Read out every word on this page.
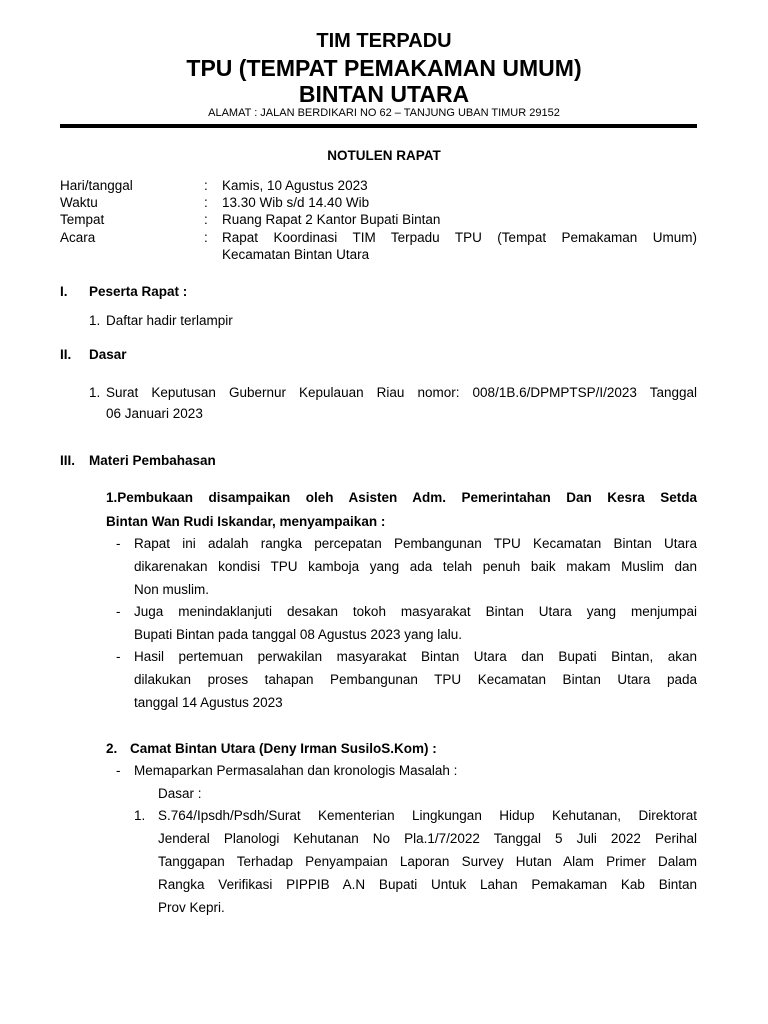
TIM TERPADU
TPU (TEMPAT PEMAKAMAN UMUM)
BINTAN UTARA
ALAMAT : JALAN BERDIKARI NO 62 – TANJUNG UBAN TIMUR 29152
NOTULEN RAPAT
Hari/tanggal	: Kamis, 10 Agustus 2023
Waktu	: 13.30 Wib s/d 14.40 Wib
Tempat	: Ruang Rapat 2 Kantor Bupati Bintan
Acara	: Rapat Koordinasi TIM Terpadu TPU (Tempat Pemakaman Umum)
Kecamatan Bintan Utara
I. Peserta Rapat :
1. Daftar hadir terlampir
II. Dasar
1. Surat Keputusan Gubernur Kepulauan Riau nomor: 008/1B.6/DPMPTSP/I/2023 Tanggal
06 Januari 2023
III. Materi Pembahasan
1.Pembukaan disampaikan oleh Asisten Adm. Pemerintahan Dan Kesra Setda
Bintan Wan Rudi Iskandar, menyampaikan :
- Rapat ini adalah rangka percepatan Pembangunan TPU Kecamatan Bintan Utara
dikarenakan kondisi TPU kamboja yang ada telah penuh baik makam Muslim dan
Non muslim.
- Juga menindaklanjuti desakan tokoh masyarakat Bintan Utara yang menjumpai
Bupati Bintan pada tanggal 08 Agustus 2023 yang lalu.
- Hasil pertemuan perwakilan masyarakat Bintan Utara dan Bupati Bintan, akan
dilakukan proses tahapan Pembangunan TPU Kecamatan Bintan Utara pada
tanggal 14 Agustus 2023
2. Camat Bintan Utara (Deny Irman SusiloS.Kom) :
- Memaparkan Permasalahan dan kronologis Masalah :
Dasar :
1. S.764/Ipsdh/Psdh/Surat Kementerian Lingkungan Hidup Kehutanan, Direktorat
Jenderal Planologi Kehutanan No Pla.1/7/2022 Tanggal 5 Juli 2022 Perihal
Tanggapan Terhadap Penyampaian Laporan Survey Hutan Alam Primer Dalam
Rangka Verifikasi PIPPIB A.N Bupati Untuk Lahan Pemakaman Kab Bintan
Prov Kepri.
